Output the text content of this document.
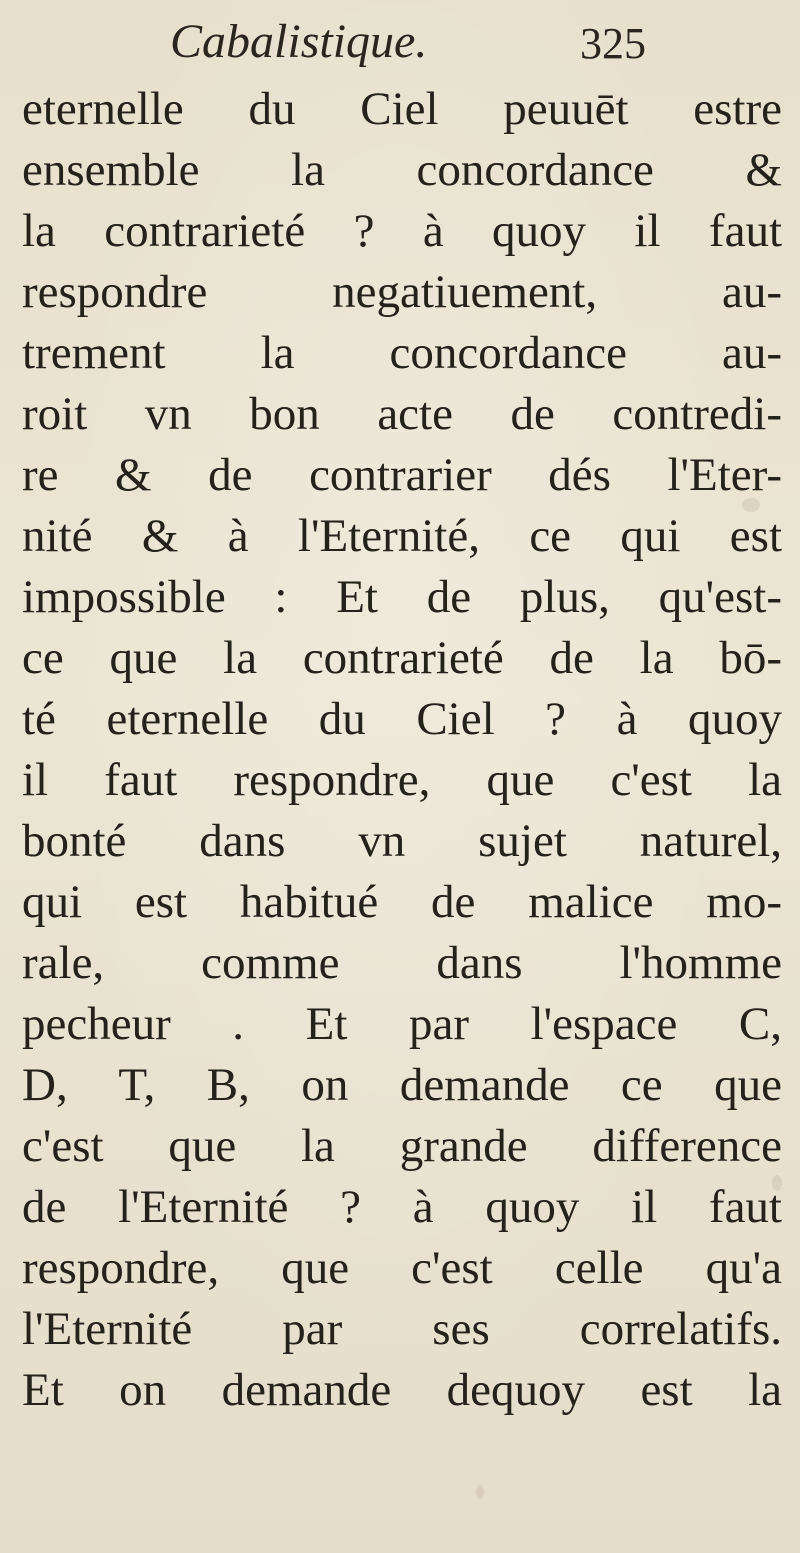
Cabalistique.	325
eternelle du Ciel peuuēt estre
ensemble la concordance &
la contrarieté ? à quoy il faut
respondre negatiuement, au-
trement la concordance au-
roit vn bon acte de contredi-
re & de contrarier dés l'Eter-
nité & à l'Eternité, ce qui est
impossible : Et de plus, qu'est-
ce que la contrarieté de la bō-
té eternelle du Ciel ? à quoy
il faut respondre, que c'est la
bonté dans vn sujet naturel,
qui est habitué de malice mo-
rale, comme dans l'homme
pecheur . Et par l'espace C,
D, T, B, on demande ce que
c'est que la grande difference
de l'Eternité ? à quoy il faut
respondre, que c'est celle qu'a
l'Eternité par ses correlatifs.
Et on demande dequoy est la
